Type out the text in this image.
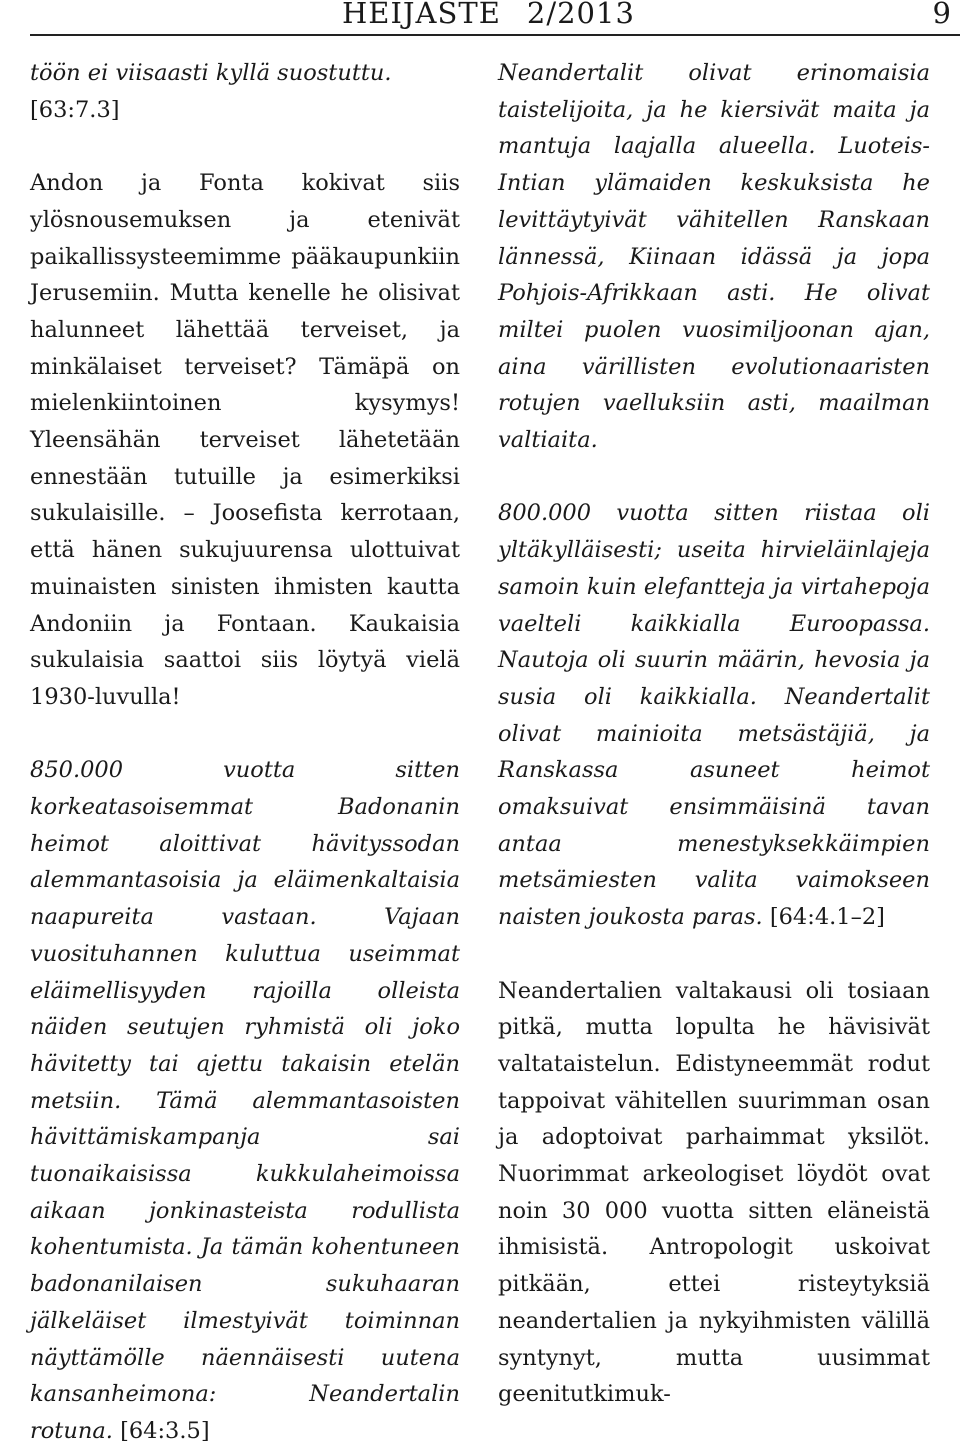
HEIJASTE 2/2013	9

töön ei viisaasti kyllä suostuttu.
[63:7.3]

Andon ja Fonta kokivat siis ylösnousemuksen ja etenivät paikallissysteemimme pääkaupunkiin Jerusemiin. Mutta kenelle he olisivat halunneet lähettää terveiset, ja minkälaiset terveiset? Tämäpä on mielenkiintoinen kysymys! Yleensähän terveiset lähetetään ennestään tutuille ja esimerkiksi sukulaisille. – Joosefista kerrotaan, että hänen sukujuurensa ulottuivat muinaisten sinisten ihmisten kautta Andoniin ja Fontaan. Kaukaisia sukulaisia saattoi siis löytyä vielä 1930-luvulla!

850.000 vuotta sitten korkeatasoisemmat Badonanin heimot aloittivat hävityssodan alemmantasoisia ja eläimenkaltaisia naapureita vastaan. Vajaan vuosituhannen kuluttua useimmat eläimellisyyden rajoilla olleista näiden seutujen ryhmistä oli joko hävitetty tai ajettu takaisin etelän metsiin. Tämä alemmantasoisten hävittämiskampanja sai tuonaikaisissa kukkulaheimoissa aikaan jonkinasteista rodullista kohentumista. Ja tämän kohentuneen badonanilaisen sukuhaaran jälkeläiset ilmestyivät toiminnan näyttämölle näennäisesti uutena kansanheimona: Neandertalin rotuna. [64:3.5]

Neandertalit olivat erinomaisia taistelijoita, ja he kiersivät maita ja mantuja laajalla alueella. Luoteis-Intian ylämaiden keskuksista he levittäytyivät vähitellen Ranskaan lännessä, Kiinaan idässä ja jopa Pohjois-Afrikkaan asti. He olivat miltei puolen vuosimiljoonan ajan, aina värillisten evolutionaaristen rotujen vaelluksiin asti, maailman valtiaita.

800.000 vuotta sitten riistaa oli yltäkylläisesti; useita hirvieläinlajeja samoin kuin elefantteja ja virtahepoja vaelteli kaikkialla Euroopassa. Nautoja oli suurin määrin, hevosia ja susia oli kaikkialla. Neandertalit olivat mainioita metsästäjiä, ja Ranskassa asuneet heimot omaksuivat ensimmäisinä tavan antaa menestyksekkäimpien metsämiesten valita vaimokseen naisten joukosta paras. [64:4.1–2]

Neandertalien valtakausi oli tosiaan pitkä, mutta lopulta he hävisivät valtataistelun. Edistyneemmät rodut tappoivat vähitellen suurimman osan ja adoptoivat parhaimmat yksilöt. Nuorimmat arkeologiset löydöt ovat noin 30 000 vuotta sitten eläneistä ihmisistä. Antropologit uskoivat pitkään, ettei risteytyksiä neandertalien ja nykyihmisten välillä syntynyt, mutta uusimmat geenitutkimuk-
